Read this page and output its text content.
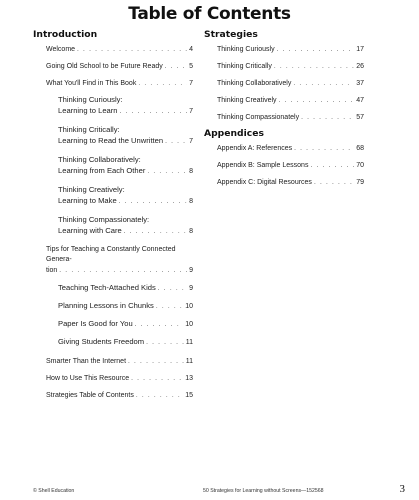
Table of Contents
Introduction
Welcome . . .	4
Going Old School to be Future Ready . . .	5
What You'll Find in This Book . . .	7
Thinking Curiously:
Learning to Learn . . .	7
Thinking Critically:
Learning to Read the Unwritten . . .	7
Thinking Collaboratively:
Learning from Each Other . . .	8
Thinking Creatively:
Learning to Make . . .	8
Thinking Compassionately:
Learning with Care . . .	8
Tips for Teaching a Constantly Connected Genera-
tion . . .	9
Teaching Tech-Attached Kids . . .	9
Planning Lessons in Chunks . . .	10
Paper Is Good for You . . .	10
Giving Students Freedom . . .	11
Smarter Than the Internet . . .	11
How to Use This Resource . . .	13
Strategies Table of Contents . . .	15
Strategies
Thinking Curiously . . .	17
Thinking Critically . . .	26
Thinking Collaboratively . . .	37
Thinking Creatively . . .	47
Thinking Compassionately . . .	57
Appendices
Appendix A: References . . .	68
Appendix B: Sample Lessons . . .	70
Appendix C: Digital Resources . . .	79
© Shell Education	50 Strategies for Learning without Screens—152568	3
